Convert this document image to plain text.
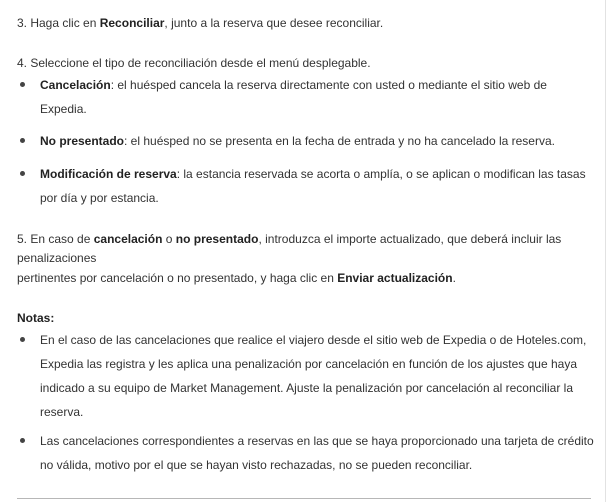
3. Haga clic en Reconciliar, junto a la reserva que desee reconciliar.

4. Seleccione el tipo de reconciliación desde el menú desplegable.

Cancelación: el huésped cancela la reserva directamente con usted o mediante el sitio web de
Expedia.
No presentado: el huésped no se presenta en la fecha de entrada y no ha cancelado la reserva.
Modificación de reserva: la estancia reservada se acorta o amplía, o se aplican o modifican las tasas
por día y por estancia.

5. En caso de cancelación o no presentado, introduzca el importe actualizado, que deberá incluir las

penalizaciones

pertinentes por cancelación o no presentado, y haga clic en Enviar actualización.

Notas:

En el caso de las cancelaciones que realice el viajero desde el sitio web de Expedia o de Hoteles.com,
Expedia las registra y les aplica una penalización por cancelación en función de los ajustes que haya
indicado a su equipo de Market Management. Ajuste la penalización por cancelación al reconciliar la
reserva.
Las cancelaciones correspondientes a reservas en las que se haya proporcionado una tarjeta de crédito
no válida, motivo por el que se hayan visto rechazadas, no se pueden reconciliar.
